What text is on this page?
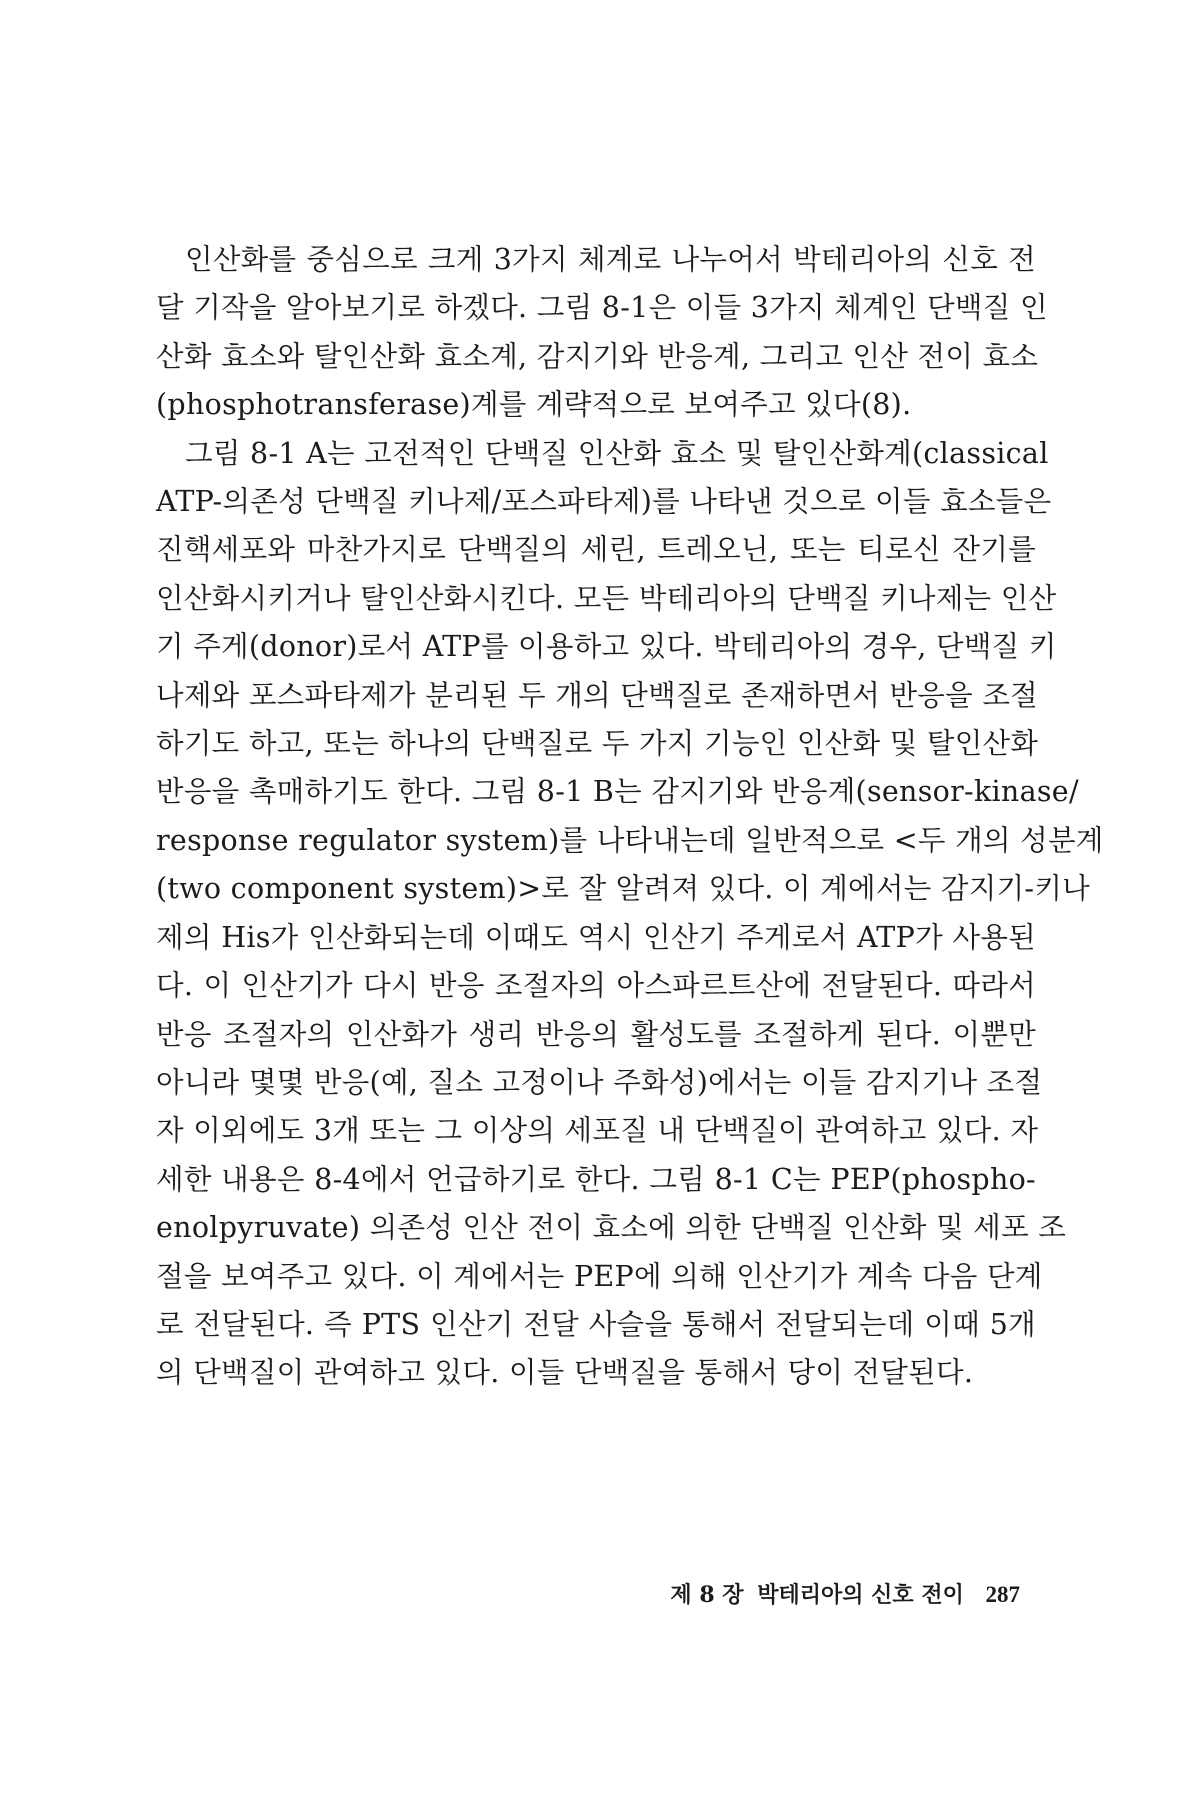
인산화를 중심으로 크게 3가지 체계로 나누어서 박테리아의 신호 전
달 기작을 알아보기로 하겠다. 그림 8-1은 이들 3가지 체계인 단백질 인
산화 효소와 탈인산화 효소계, 감지기와 반응계, 그리고 인산 전이 효소
(phosphotransferase)계를 계략적으로 보여주고 있다(8).

그림 8-1 A는 고전적인 단백질 인산화 효소 및 탈인산화계(classical
ATP-의존성 단백질 키나제/포스파타제)를 나타낸 것으로 이들 효소들은
진핵세포와 마찬가지로 단백질의 세린, 트레오닌, 또는 티로신 잔기를
인산화시키거나 탈인산화시킨다. 모든 박테리아의 단백질 키나제는 인산
기 주게(donor)로서 ATP를 이용하고 있다. 박테리아의 경우, 단백질 키
나제와 포스파타제가 분리된 두 개의 단백질로 존재하면서 반응을 조절
하기도 하고, 또는 하나의 단백질로 두 가지 기능인 인산화 및 탈인산화
반응을 촉매하기도 한다. 그림 8-1 B는 감지기와 반응계(sensor-kinase/
response regulator system)를 나타내는데 일반적으로 <두 개의 성분계
(two component system)>로 잘 알려져 있다. 이 계에서는 감지기-키나
제의 His가 인산화되는데 이때도 역시 인산기 주게로서 ATP가 사용된
다. 이 인산기가 다시 반응 조절자의 아스파르트산에 전달된다. 따라서
반응 조절자의 인산화가 생리 반응의 활성도를 조절하게 된다. 이뿐만
아니라 몇몇 반응(예, 질소 고정이나 주화성)에서는 이들 감지기나 조절
자 이외에도 3개 또는 그 이상의 세포질 내 단백질이 관여하고 있다. 자
세한 내용은 8-4에서 언급하기로 한다. 그림 8-1 C는 PEP(phospho-
enolpyruvate) 의존성 인산 전이 효소에 의한 단백질 인산화 및 세포 조
절을 보여주고 있다. 이 계에서는 PEP에 의해 인산기가 계속 다음 단계
로 전달된다. 즉 PTS 인산기 전달 사슬을 통해서 전달되는데 이때 5개
의 단백질이 관여하고 있다. 이들 단백질을 통해서 당이 전달된다.

제 8 장 박테리아의 신호 전이 287
